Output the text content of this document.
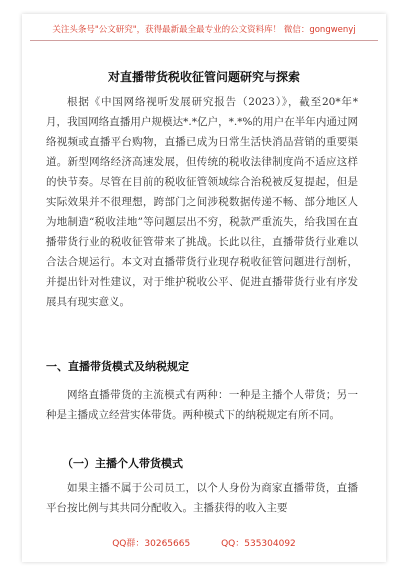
关注头条号"公文研究"，获得最新最全最专业的公文资料库！ 微信：gongwenyj
对直播带货税收征管问题研究与探索

根据《中国网络视听发展研究报告（2023）》，截至20*年*月，我国网络直播用户规模达*.*亿户，*.*%的用户在半年内通过网络视频或直播平台购物，直播已成为日常生活快消品营销的重要渠道。新型网络经济高速发展，但传统的税收法律制度尚不适应这样的快节奏。尽管在目前的税收征管领域综合治税被反复提起，但是实际效果并不很理想，跨部门之间涉税数据传递不畅、部分地区人为地制造“税收洼地”等问题层出不穷，税款严重流失，给我国在直播带货行业的税收征管带来了挑战。长此以往，直播带货行业难以合法合规运行。本文对直播带货行业现存税收征管问题进行剖析，并提出针对性建议，对于维护税收公平、促进直播带货行业有序发展具有现实意义。

一、直播带货模式及纳税规定

网络直播带货的主流模式有两种：一种是主播个人带货；另一种是主播成立经营实体带货。两种模式下的纳税规定有所不同。

（一）主播个人带货模式

如果主播不属于公司员工，以个人身份为商家直播带货，直播平台按比例与其共同分配收入。主播获得的收入主要

QQ群：30265665	QQ：535304092
